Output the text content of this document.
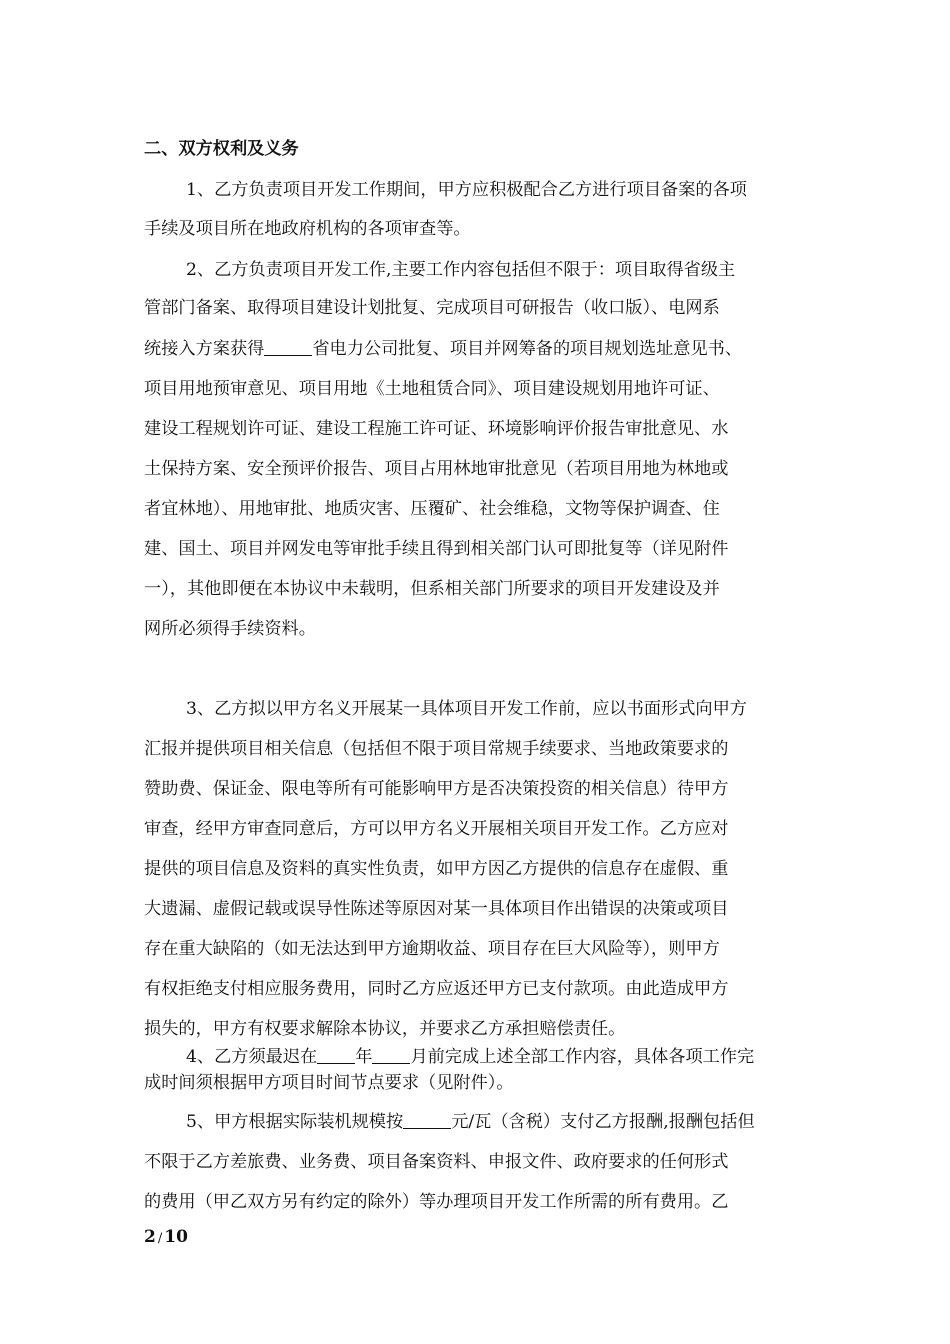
二、双方权利及义务
1、乙方负责项目开发工作期间，甲方应积极配合乙方进行项目备案的各项
手续及项目所在地政府机构的各项审查等。
2、乙方负责项目开发工作,主要工作内容包括但不限于：项目取得省级主
管部门备案、取得项目建设计划批复、完成项目可研报告（收口版）、电网系
统接入方案获得	省电力公司批复、项目并网筹备的项目规划选址意见书、
项目用地预审意见、项目用地《土地租赁合同》、项目建设规划用地许可证、
建设工程规划许可证、建设工程施工许可证、环境影响评价报告审批意见、水
土保持方案、安全预评价报告、项目占用林地审批意见（若项目用地为林地或
者宜林地）、用地审批、地质灾害、压覆矿、社会维稳，文物等保护调查、住
建、国土、项目并网发电等审批手续且得到相关部门认可即批复等（详见附件
一），其他即便在本协议中未载明，但系相关部门所要求的项目开发建设及并
网所必须得手续资料。
3、乙方拟以甲方名义开展某一具体项目开发工作前，应以书面形式向甲方
汇报并提供项目相关信息（包括但不限于项目常规手续要求、当地政策要求的
赞助费、保证金、限电等所有可能影响甲方是否决策投资的相关信息）待甲方
审查，经甲方审查同意后，方可以甲方名义开展相关项目开发工作。乙方应对
提供的项目信息及资料的真实性负责，如甲方因乙方提供的信息存在虚假、重
大遗漏、虚假记载或误导性陈述等原因对某一具体项目作出错误的决策或项目
存在重大缺陷的（如无法达到甲方逾期收益、项目存在巨大风险等），则甲方
有权拒绝支付相应服务费用，同时乙方应返还甲方已支付款项。由此造成甲方
损失的，甲方有权要求解除本协议，并要求乙方承担赔偿责任。
4、乙方须最迟在 年 月前完成上述全部工作内容，具体各项工作完
成时间须根据甲方项目时间节点要求（见附件）。
5、甲方根据实际装机规模按	元/瓦（含税）支付乙方报酬,报酬包括但
不限于乙方差旅费、业务费、项目备案资料、申报文件、政府要求的任何形式
的费用（甲乙双方另有约定的除外）等办理项目开发工作所需的所有费用。乙
2 / 10
